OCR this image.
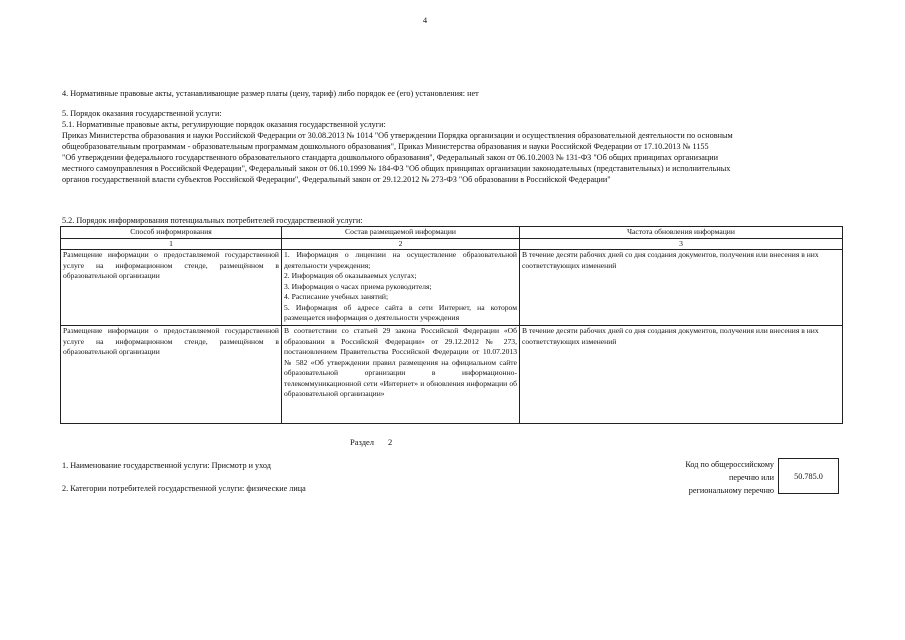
4
4. Нормативные правовые акты, устанавливающие размер платы (цену, тариф) либо порядок ее (его) установления: нет
5. Порядок оказания государственной услуги:
5.1. Нормативные правовые акты, регулирующие порядок оказания государственной услуги:
Приказ Министерства образования и науки Российской Федерации от 30.08.2013 № 1014 "Об утверждении Порядка организации и осуществления образовательной деятельности по основным
общеобразовательным программам - образовательным программам дошкольного образования", Приказ Министерства образования и науки Российской Федерации от 17.10.2013 № 1155
"Об утверждении федерального государственного образовательного стандарта дошкольного образования", Федеральный закон от 06.10.2003 № 131-ФЗ "Об общих принципах организации
местного самоуправления в Российской Федерации", Федеральный закон от 06.10.1999 № 184-ФЗ "Об общих принципах организации законодательных (представительных) и исполнительных
органов государственной власти субъектов Российской Федерации", Федеральный закон от 29.12.2012 № 273-ФЗ "Об образовании в Российской Федерации"
5.2. Порядок информирования потенциальных потребителей государственной услуги:
Способ информирования	Состав размещаемой информации	Частота обновления информации
1	2	3
Размещение информации о предоставляемой государственной услуге на информационном стенде, размещённом в образовательной организации	1. Информация о лицензии на осуществление образовательной деятельности учреждения;
2. Информация об оказываемых услугах;
3. Информация о часах приема руководителя;
4. Расписание учебных занятий;
5. Информация об адресе сайта в сети Интернет, на котором размещается информация о деятельности учреждения	В течение десяти рабочих дней со дня создания документов, получения или внесения в них соответствующих изменений
Размещение информации о предоставляемой государственной услуге на информационном стенде, размещённом в образовательной организации	В соответствии со статьей 29 закона Российской Федерации «Об образовании в Российской Федерации» от 29.12.2012 № 273, постановлением Правительства Российской Федерации от 10.07.2013 № 582 «Об утверждении правил размещения на официальном сайте образовательной организации в информационно-телекоммуникационной сети «Интернет» и обновления информации об образовательной организации»	В течение десяти рабочих дней со дня создания документов, получения или внесения в них соответствующих изменений
Раздел 2
1. Наименование государственной услуги: Присмотр и уход
2. Категории потребителей государственной услуги: физические лица
Код по общероссийскому
перечню или
региональному перечню
50.785.0
